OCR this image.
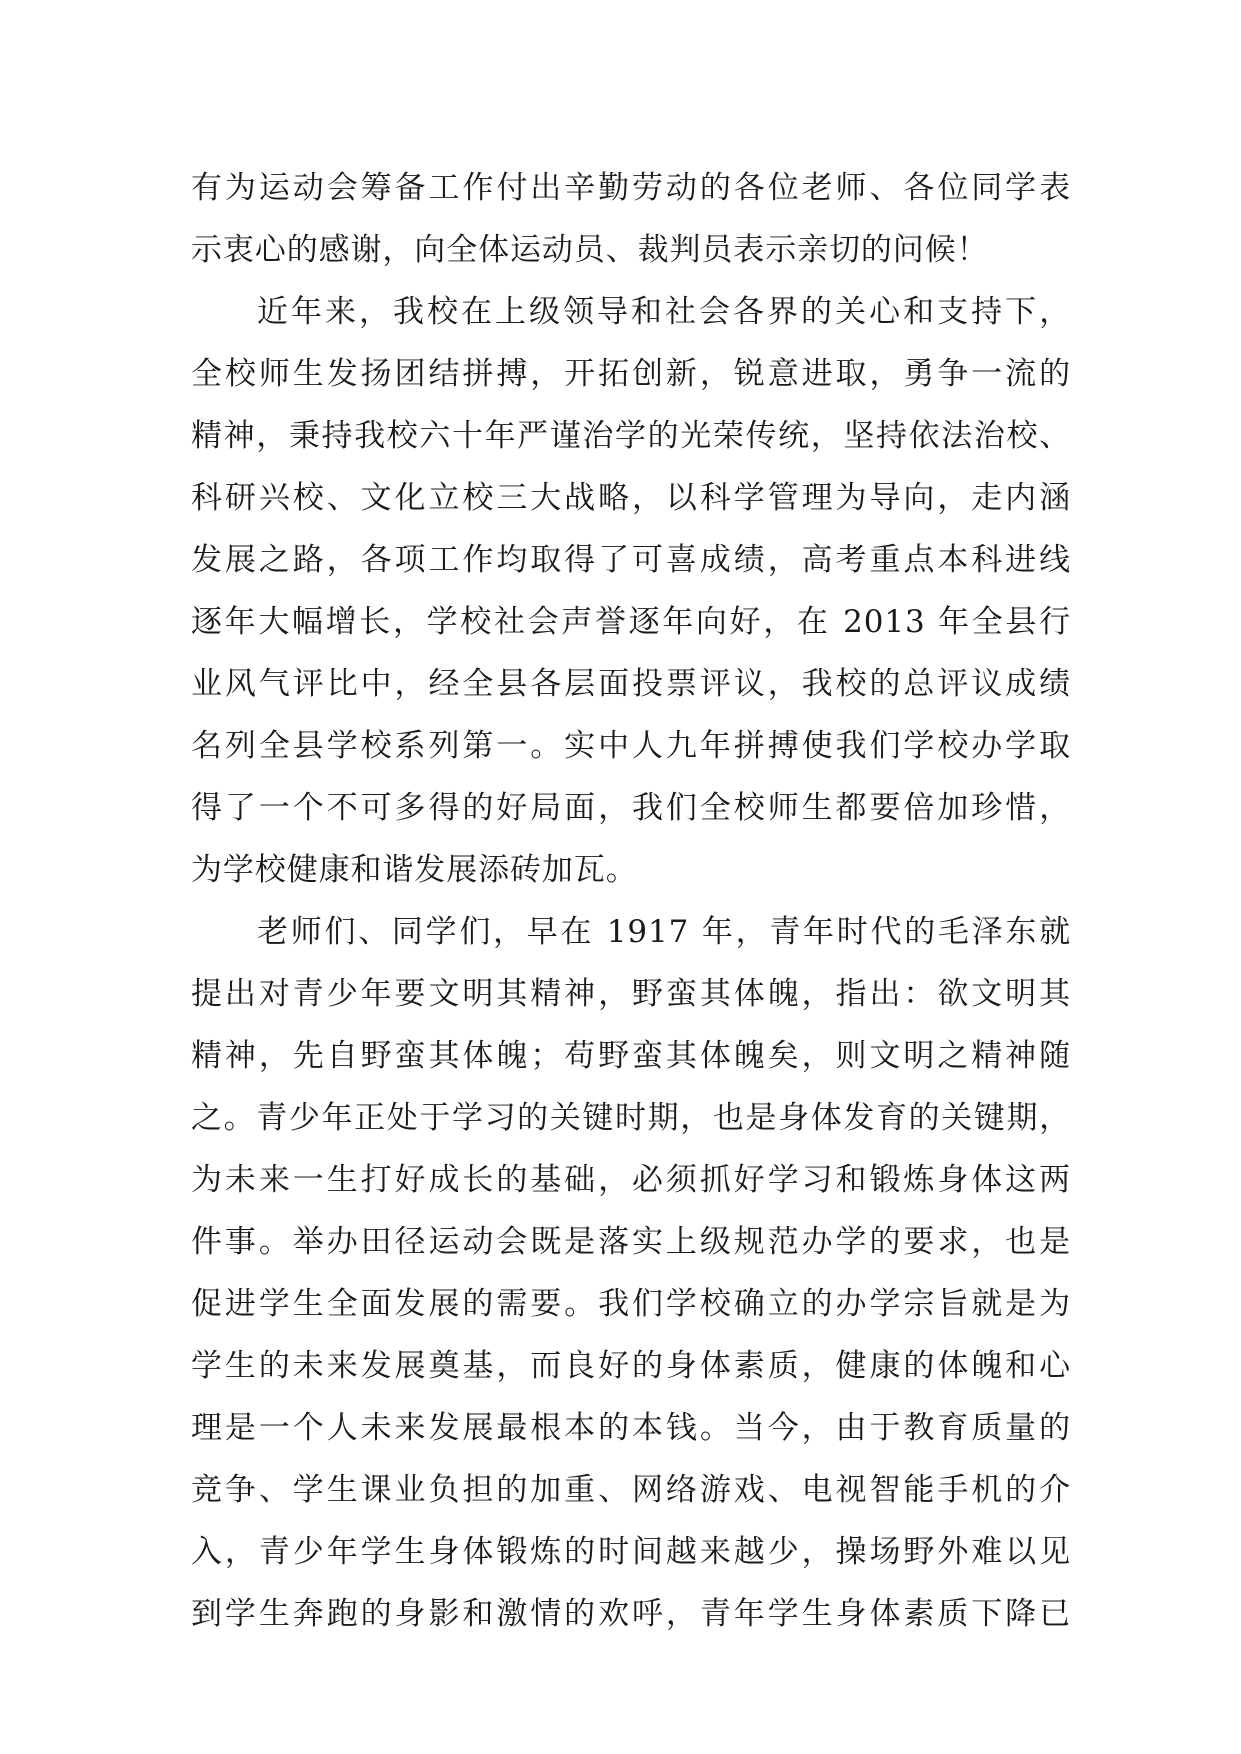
有为运动会筹备工作付出辛勤劳动的各位老师、各位同学表
示衷心的感谢，向全体运动员、裁判员表示亲切的问候！
近年来，我校在上级领导和社会各界的关心和支持下，
全校师生发扬团结拼搏，开拓创新，锐意进取，勇争一流的
精神，秉持我校六十年严谨治学的光荣传统，坚持依法治校、
科研兴校、文化立校三大战略，以科学管理为导向，走内涵
发展之路，各项工作均取得了可喜成绩，高考重点本科进线
逐年大幅增长，学校社会声誉逐年向好，在 2013 年全县行
业风气评比中，经全县各层面投票评议，我校的总评议成绩
名列全县学校系列第一。实中人九年拼搏使我们学校办学取
得了一个不可多得的好局面，我们全校师生都要倍加珍惜，
为学校健康和谐发展添砖加瓦。
老师们、同学们，早在 1917 年，青年时代的毛泽东就
提出对青少年要文明其精神，野蛮其体魄，指出：欲文明其
精神，先自野蛮其体魄；苟野蛮其体魄矣，则文明之精神随
之。青少年正处于学习的关键时期，也是身体发育的关键期，
为未来一生打好成长的基础，必须抓好学习和锻炼身体这两
件事。举办田径运动会既是落实上级规范办学的要求，也是
促进学生全面发展的需要。我们学校确立的办学宗旨就是为
学生的未来发展奠基，而良好的身体素质，健康的体魄和心
理是一个人未来发展最根本的本钱。当今，由于教育质量的
竞争、学生课业负担的加重、网络游戏、电视智能手机的介
入，青少年学生身体锻炼的时间越来越少，操场野外难以见
到学生奔跑的身影和激情的欢呼，青年学生身体素质下降已
